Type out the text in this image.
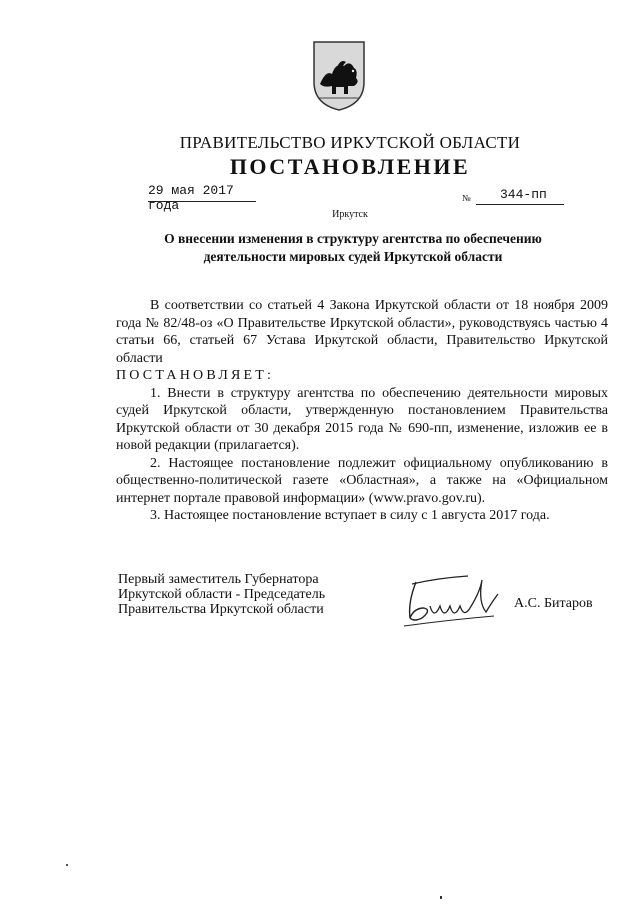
ПРАВИТЕЛЬСТВО ИРКУТСКОЙ ОБЛАСТИ
ПОСТАНОВЛЕНИЕ
29 мая 2017 года	№ 344-пп
Иркутск
О внесении изменения в структуру агентства по обеспечению
деятельности мировых судей Иркутской области

В соответствии со статьей 4 Закона Иркутской области от 18 ноября 2009 года № 82/48-оз «О Правительстве Иркутской области», руководствуясь частью 4 статьи 66, статьей 67 Устава Иркутской области, Правительство Иркутской области

ПОСТАНОВЛЯЕТ:

1. Внести в структуру агентства по обеспечению деятельности мировых судей Иркутской области, утвержденную постановлением Правительства Иркутской области от 30 декабря 2015 года № 690-пп, изменение, изложив ее в новой редакции (прилагается).

2. Настоящее постановление подлежит официальному опубликованию в общественно-политической газете «Областная», а также на «Официальном интернет портале правовой информации» (www.pravo.gov.ru).

3. Настоящее постановление вступает в силу с 1 августа 2017 года.

Первый заместитель Губернатора
Иркутской области - Председатель
Правительства Иркутской области	А.С. Битаров
